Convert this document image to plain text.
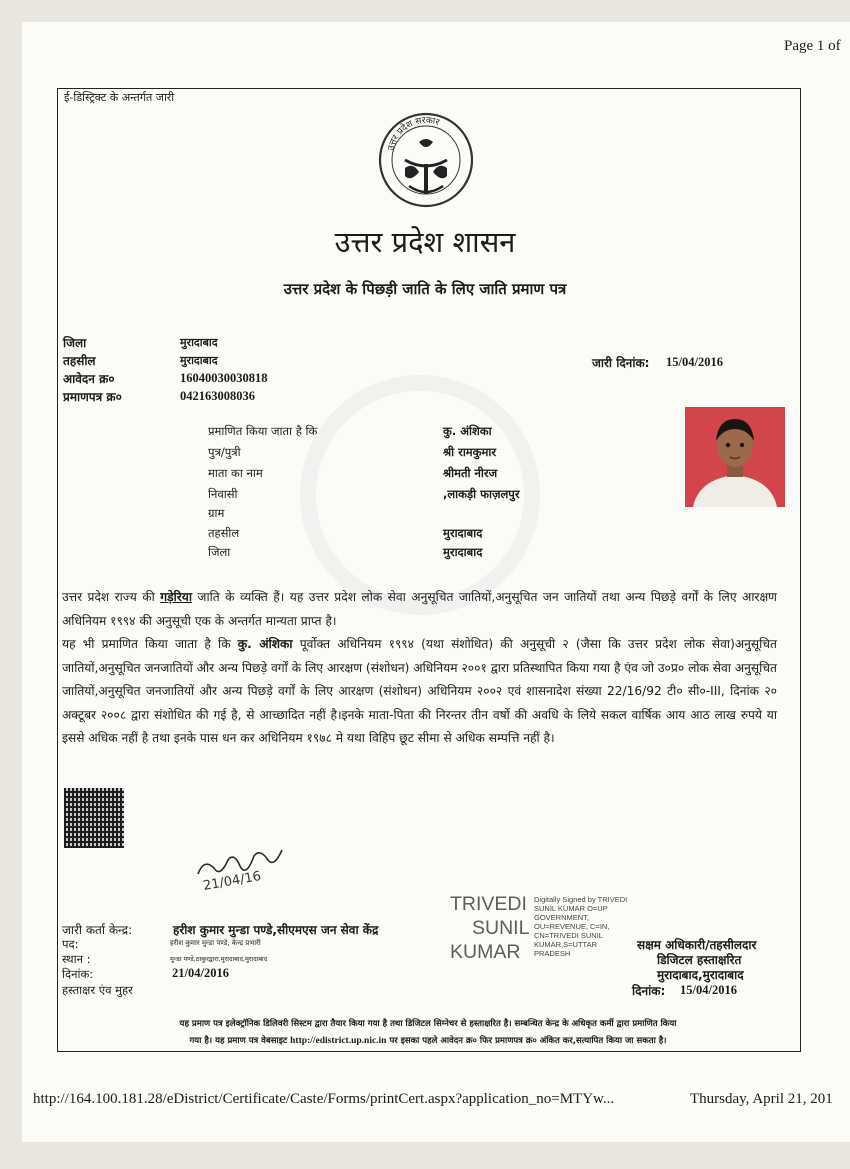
Page 1 of
ई-डिस्ट्रिक्ट के अन्तर्गत जारी
उत्तर प्रदेश सरकार
उत्तर प्रदेश शासन
उत्तर प्रदेश के पिछड़ी जाति के लिए जाति प्रमाण पत्र
जिला	मुरादाबाद
तहसील	मुरादाबाद
आवेदन क्र०	16040030030818
प्रमाणपत्र क्र०	042163008036
जारी दिनांक: 15/04/2016
प्रमाणित किया जाता है कि	कु. अंशिका
पुत्र/पुत्री	श्री रामकुमार
माता का नाम	श्रीमती नीरज
निवासी	,लाकड़ी फाज़लपुर
ग्राम
तहसील	मुरादाबाद
जिला	मुरादाबाद

उत्तर प्रदेश राज्य की गड़ेरिया जाति के व्यक्ति हैं। यह उत्तर प्रदेश लोक सेवा अनुसूचित जातियों,अनुसूचित जन जातियों तथा अन्य पिछड़े वर्गों के लिए आरक्षण अधिनियम १९९४ की अनुसूची एक के अन्तर्गत मान्यता प्राप्त है।

यह भी प्रमाणित किया जाता है कि कु. अंशिका पूर्वोक्त अधिनियम १९९४ (यथा संशोधित) की अनुसूची २ (जैसा कि उत्तर प्रदेश लोक सेवा)अनुसूचित जातियों,अनुसूचित जनजातियों और अन्य पिछड़े वर्गों के लिए आरक्षण (संशोधन) अधिनियम २००१ द्वारा प्रतिस्थापित किया गया है एंव जो उ०प्र० लोक सेवा अनुसूचित जातियों,अनुसूचित जनजातियों और अन्य पिछड़े वर्गों के लिए आरक्षण (संशोधन) अधिनियम २००२ एवं शासनादेश संख्या 22/16/92 टी० सी०-III, दिनांक २० अक्टूबर २००८ द्वारा संशोधित की गई है, से आच्छादित नहीं है।इनके माता-पिता की निरन्तर तीन वर्षो की अवधि के लिये सकल वार्षिक आय आठ लाख रुपये या इससे अधिक नहीं है तथा इनके पास धन कर अधिनियम १९७८ मे यथा विहिप छूट सीमा से अधिक सम्पत्ति नहीं है।

21/04/16
जारी कर्ता केन्द्र:	हरीश कुमार मुन्डा पण्डे,सीएमएस जन सेवा केंद्र
पद:	हरीश कुमार मुन्डा पण्डे, केन्द्र प्रभारी
स्थान :	मुन्डा पण्डे,ठाकुरद्वारा,मुरादाबाद,मुरादाबाद
दिनांक:	21/04/2016
हस्ताक्षर एंव मुहर
TRIVEDI
SUNIL
KUMAR
Digitally Signed by TRIVEDI SUNIL KUMAR O=UP GOVERNMENT, OU=REVENUE, C=IN, CN=TRIVEDI SUNIL KUMAR,S=UTTAR PRADESH
सक्षम अधिकारी/तहसीलदार
डिजिटल हस्ताक्षरित
मुरादाबाद,मुरादाबाद
दिनांक: 15/04/2016
यह प्रमाण पत्र इलेक्ट्रॉनिक डिलिवरी सिस्टम द्वारा तैयार किया गया है तथा डिजिटल सिग्नेचर से हस्ताक्षरित है। सम्बन्धित केन्द्र के अधिकृत कर्मी द्वारा प्रमाणित किया
गया है। यह प्रमाण पत्र वेबसाइट http://edistrict.up.nic.in पर इसका पहले आवेदन क्र० फिर प्रमाणपत्र क्र० अंकित कर,सत्यापित किया जा सकता है।
http://164.100.181.28/eDistrict/Certificate/Caste/Forms/printCert.aspx?application_no=MTYw...	Thursday, April 21, 201
